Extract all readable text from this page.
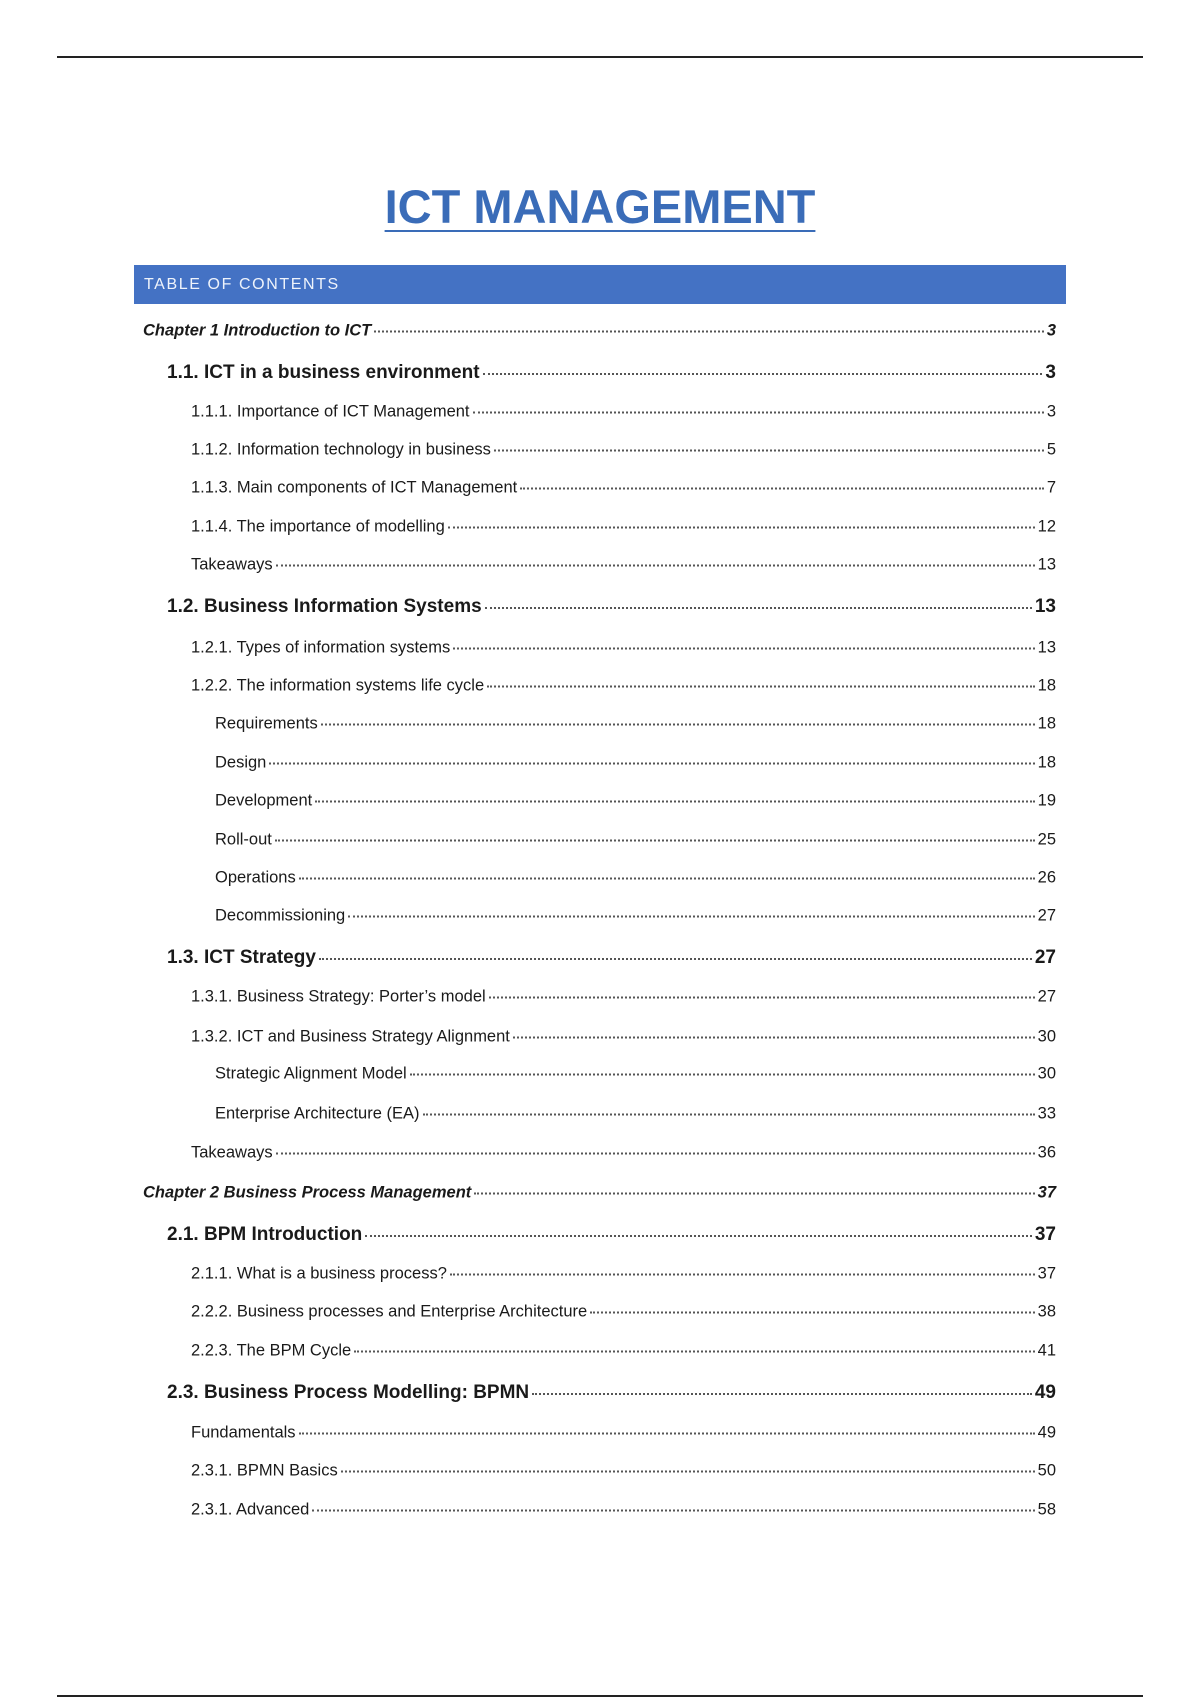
ICT MANAGEMENT
TABLE OF CONTENTS
Chapter 1 Introduction to ICT	3
1.1. ICT in a business environment	3
1.1.1. Importance of ICT Management	3
1.1.2. Information technology in business	5
1.1.3. Main components of ICT Management	7
1.1.4. The importance of modelling	12
Takeaways	13
1.2. Business Information Systems	13
1.2.1. Types of information systems	13
1.2.2. The information systems life cycle	18
Requirements	18
Design	18
Development	19
Roll-out	25
Operations	26
Decommissioning	27
1.3. ICT Strategy	27
1.3.1. Business Strategy: Porter’s model	27
1.3.2. ICT and Business Strategy Alignment	30
Strategic Alignment Model	30
Enterprise Architecture (EA)	33
Takeaways	36
Chapter 2 Business Process Management	37
2.1. BPM Introduction	37
2.1.1. What is a business process?	37
2.2.2. Business processes and Enterprise Architecture	38
2.2.3. The BPM Cycle	41
2.3. Business Process Modelling: BPMN	49
Fundamentals	49
2.3.1. BPMN Basics	50
2.3.1. Advanced	58
